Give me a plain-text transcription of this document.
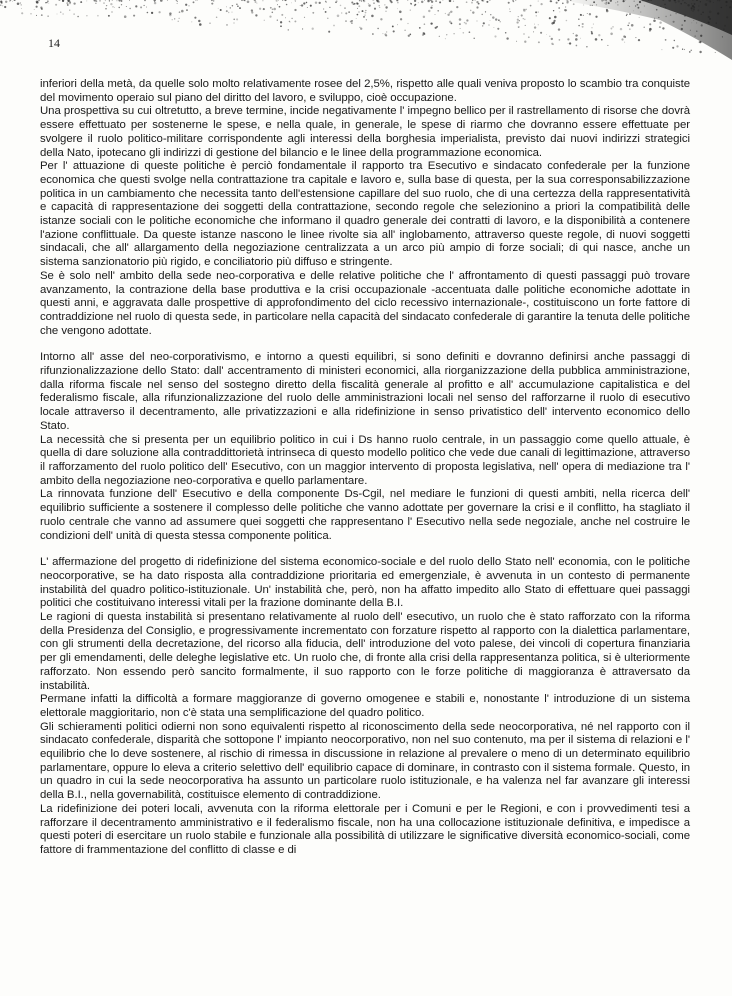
14

inferiori della metà, da quelle solo molto relativamente rosee del 2,5%, rispetto alle quali veniva proposto lo scambio tra conquiste del movimento operaio sul piano del diritto del lavoro, e sviluppo, cioè occupazione.

Una prospettiva su cui oltretutto, a breve termine, incide negativamente l' impegno bellico per il rastrellamento di risorse che dovrà essere effettuato per sostenerne le spese, e nella quale, in generale, le spese di riarmo che dovranno essere effettuate per svolgere il ruolo politico-militare corrispondente agli interessi della borghesia imperialista, previsto dai nuovi indirizzi strategici della Nato, ipotecano gli indirizzi di gestione del bilancio e le linee della programmazione economica.

Per l' attuazione di queste politiche è perciò fondamentale il rapporto tra Esecutivo e sindacato confederale per la funzione economica che questi svolge nella contrattazione tra capitale e lavoro e, sulla base di questa, per la sua corresponsabilizzazione politica in un cambiamento che necessita tanto dell'estensione capillare del suo ruolo, che di una certezza della rappresentatività e capacità di rappresentazione dei soggetti della contrattazione, secondo regole che selezionino a priori la compatibilità delle istanze sociali con le politiche economiche che informano il quadro generale dei contratti di lavoro, e la disponibilità a contenere l'azione conflittuale. Da queste istanze nascono le linee rivolte sia all' inglobamento, attraverso queste regole, di nuovi soggetti sindacali, che all' allargamento della negoziazione centralizzata a un arco più ampio di forze sociali; di qui nasce, anche un sistema sanzionatorio più rigido, e conciliatorio più diffuso e stringente.

Se è solo nell' ambito della sede neo-corporativa e delle relative politiche che l' affrontamento di questi passaggi può trovare avanzamento, la contrazione della base produttiva e la crisi occupazionale -accentuata dalle politiche economiche adottate in questi anni, e aggravata dalle prospettive di approfondimento del ciclo recessivo internazionale-, costituiscono un forte fattore di contraddizione nel ruolo di questa sede, in particolare nella capacità del sindacato confederale di garantire la tenuta delle politiche che vengono adottate.

Intorno all' asse del neo-corporativismo, e intorno a questi equilibri, si sono definiti e dovranno definirsi anche passaggi di rifunzionalizzazione dello Stato: dall' accentramento di ministeri economici, alla riorganizzazione della pubblica amministrazione, dalla riforma fiscale nel senso del sostegno diretto della fiscalità generale al profitto e all' accumulazione capitalistica e del federalismo fiscale, alla rifunzionalizzazione del ruolo delle amministrazioni locali nel senso del rafforzarne il ruolo di esecutivo locale attraverso il decentramento, alle privatizzazioni e alla ridefinizione in senso privatistico dell' intervento economico dello Stato.

La necessità che si presenta per un equilibrio politico in cui i Ds hanno ruolo centrale, in un passaggio come quello attuale, è quella di dare soluzione alla contraddittorietà intrinseca di questo modello politico che vede due canali di legittimazione, attraverso il rafforzamento del ruolo politico dell' Esecutivo, con un maggior intervento di proposta legislativa, nell' opera di mediazione tra l' ambito della negoziazione neo-corporativa e quello parlamentare.

La rinnovata funzione dell' Esecutivo e della componente Ds-Cgil, nel mediare le funzioni di questi ambiti, nella ricerca dell' equilibrio sufficiente a sostenere il complesso delle politiche che vanno adottate per governare la crisi e il conflitto, ha stagliato il ruolo centrale che vanno ad assumere quei soggetti che rappresentano l' Esecutivo nella sede negoziale, anche nel costruire le condizioni dell' unità di questa stessa componente politica.

L' affermazione del progetto di ridefinizione del sistema economico-sociale e del ruolo dello Stato nell' economia, con le politiche neocorporative, se ha dato risposta alla contraddizione prioritaria ed emergenziale, è avvenuta in un contesto di permanente instabilità del quadro politico-istituzionale. Un' instabilità che, però, non ha affatto impedito allo Stato di effettuare quei passaggi politici che costituivano interessi vitali per la frazione dominante della B.I.

Le ragioni di questa instabilità si presentano relativamente al ruolo dell' esecutivo, un ruolo che è stato rafforzato con la riforma della Presidenza del Consiglio, e progressivamente incrementato con forzature rispetto al rapporto con la dialettica parlamentare, con gli strumenti della decretazione, del ricorso alla fiducia, dell' introduzione del voto palese, dei vincoli di copertura finanziaria per gli emendamenti, delle deleghe legislative etc. Un ruolo che, di fronte alla crisi della rappresentanza politica, si è ulteriormente rafforzato. Non essendo però sancito formalmente, il suo rapporto con le forze politiche di maggioranza è attraversato da instabilità.

Permane infatti la difficoltà a formare maggioranze di governo omogenee e stabili e, nonostante l' introduzione di un sistema elettorale maggioritario, non c'è stata una semplificazione del quadro politico.

Gli schieramenti politici odierni non sono equivalenti rispetto al riconoscimento della sede neocorporativa, né nel rapporto con il sindacato confederale, disparità che sottopone l' impianto neocorporativo, non nel suo contenuto, ma per il sistema di relazioni e l' equilibrio che lo deve sostenere, al rischio di rimessa in discussione in relazione al prevalere o meno di un determinato equilibrio parlamentare, oppure lo eleva a criterio selettivo dell' equilibrio capace di dominare, in contrasto con il sistema formale. Questo, in un quadro in cui la sede neocorporativa ha assunto un particolare ruolo istituzionale, e ha valenza nel far avanzare gli interessi della B.I., nella governabilità, costituisce elemento di contraddizione.

La ridefinizione dei poteri locali, avvenuta con la riforma elettorale per i Comuni e per le Regioni, e con i provvedimenti tesi a rafforzare il decentramento amministrativo e il federalismo fiscale, non ha una collocazione istituzionale definitiva, e impedisce a questi poteri di esercitare un ruolo stabile e funzionale alla possibilità di utilizzare le significative diversità economico-sociali, come fattore di frammentazione del conflitto di classe e di
